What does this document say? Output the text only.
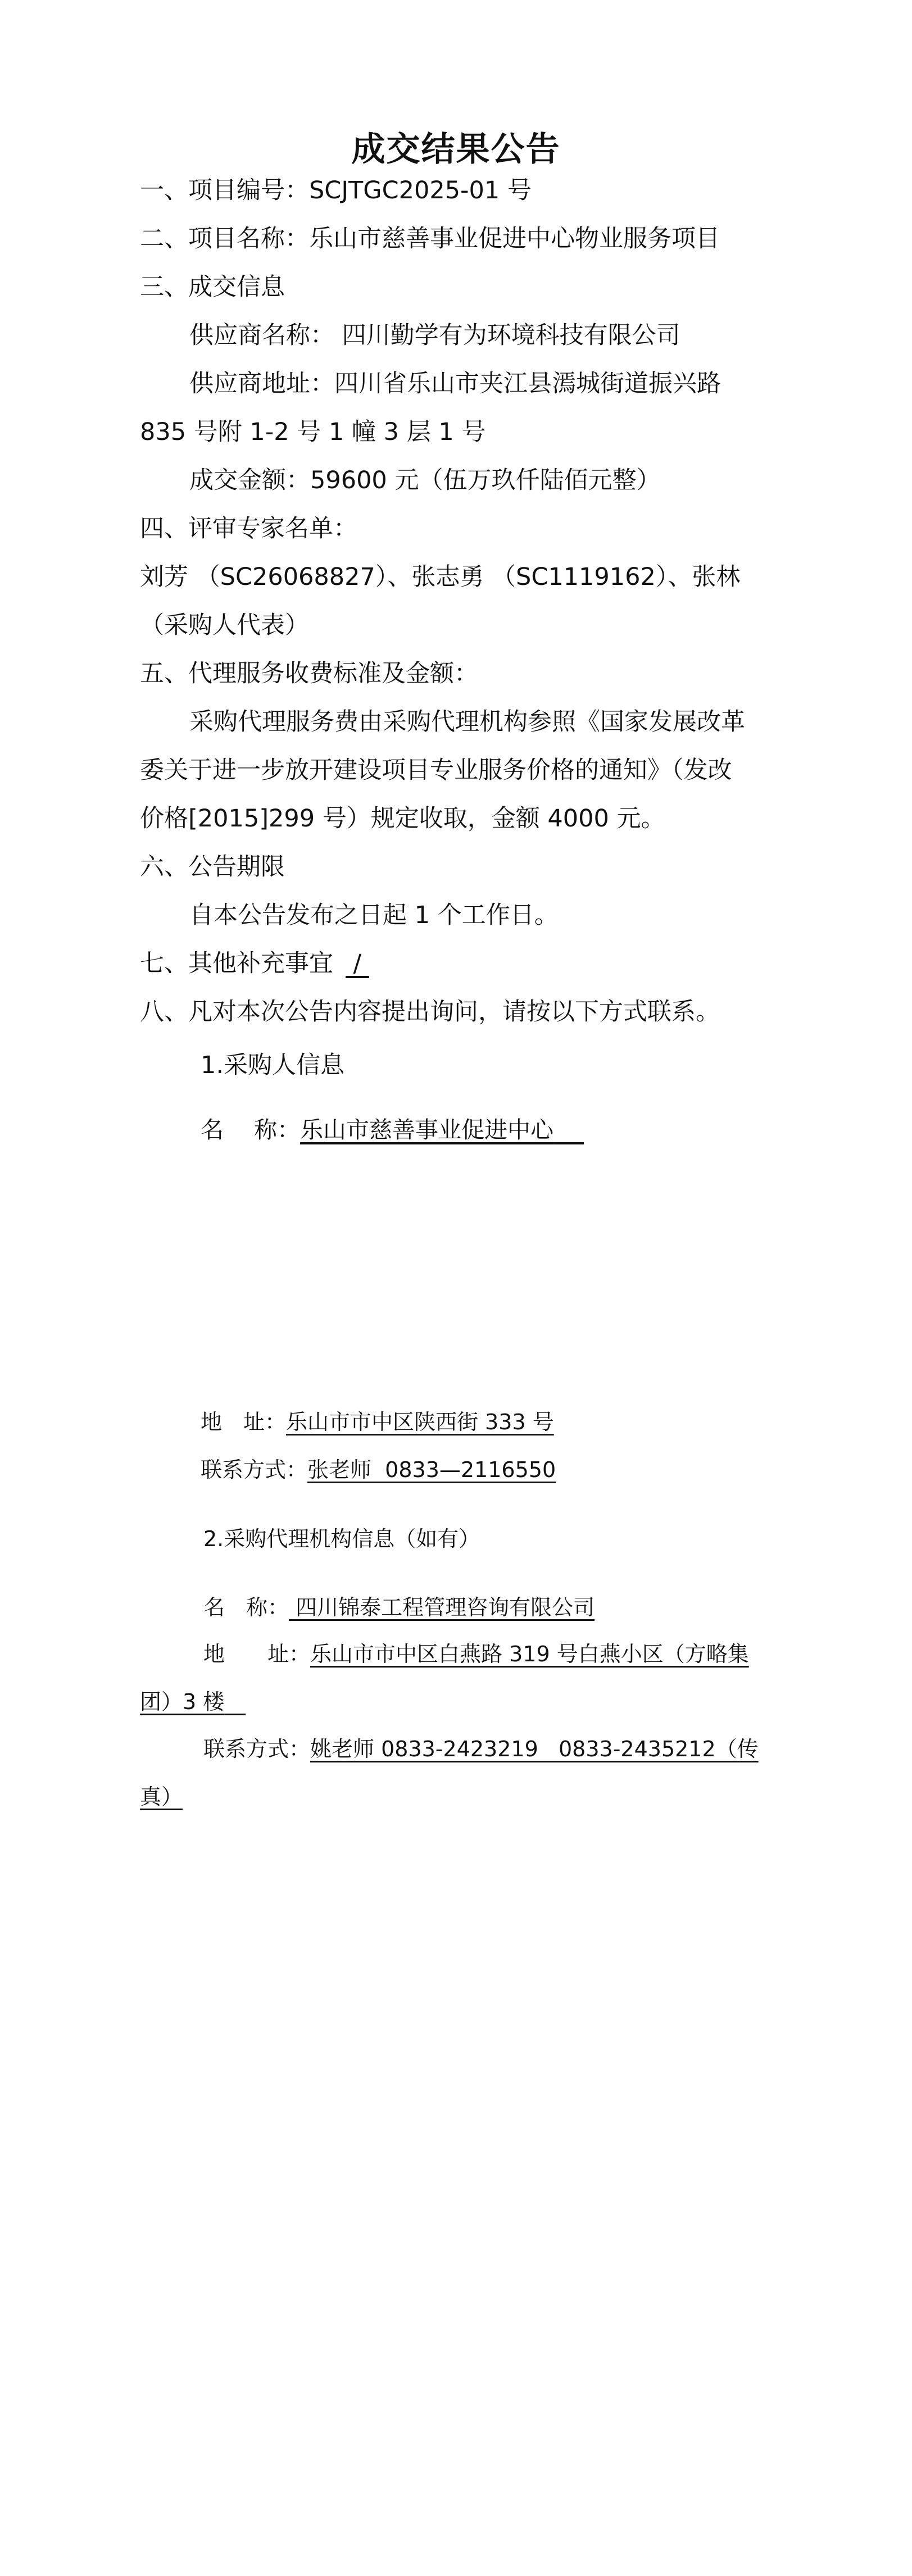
成交结果公告

一、项目编号：SCJTGC2025-01 号

二、项目名称：乐山市慈善事业促进中心物业服务项目

三、成交信息

供应商名称： 四川勤学有为环境科技有限公司

供应商地址：四川省乐山市夹江县漹城街道振兴路

835 号附 1-2 号 1 幢 3 层 1 号

成交金额：59600 元（伍万玖仟陆佰元整）

四、评审专家名单：

刘芳 （SC26068827）、张志勇 （SC1119162）、张林

（采购人代表）

五、代理服务收费标准及金额：

采购代理服务费由采购代理机构参照《国家发展改革

委关于进一步放开建设项目专业服务价格的通知》（发改

价格[2015]299 号）规定收取，金额 4000 元。

六、公告期限

自本公告发布之日起 1 个工作日。

七、其他补充事宜 /

八、凡对本次公告内容提出询问，请按以下方式联系。

1.采购人信息
名　 称：乐山市慈善事业促进中心　
地　址：乐山市市中区陕西街 333 号
联系方式：张老师  0833—2116550
2.采购代理机构信息（如有）
名　称： 四川锦泰工程管理咨询有限公司
地　　址：乐山市市中区白燕路 319 号白燕小区（方略集
团）3 楼　
联系方式：姚老师 0833-2423219   0833-2435212（传
真）
